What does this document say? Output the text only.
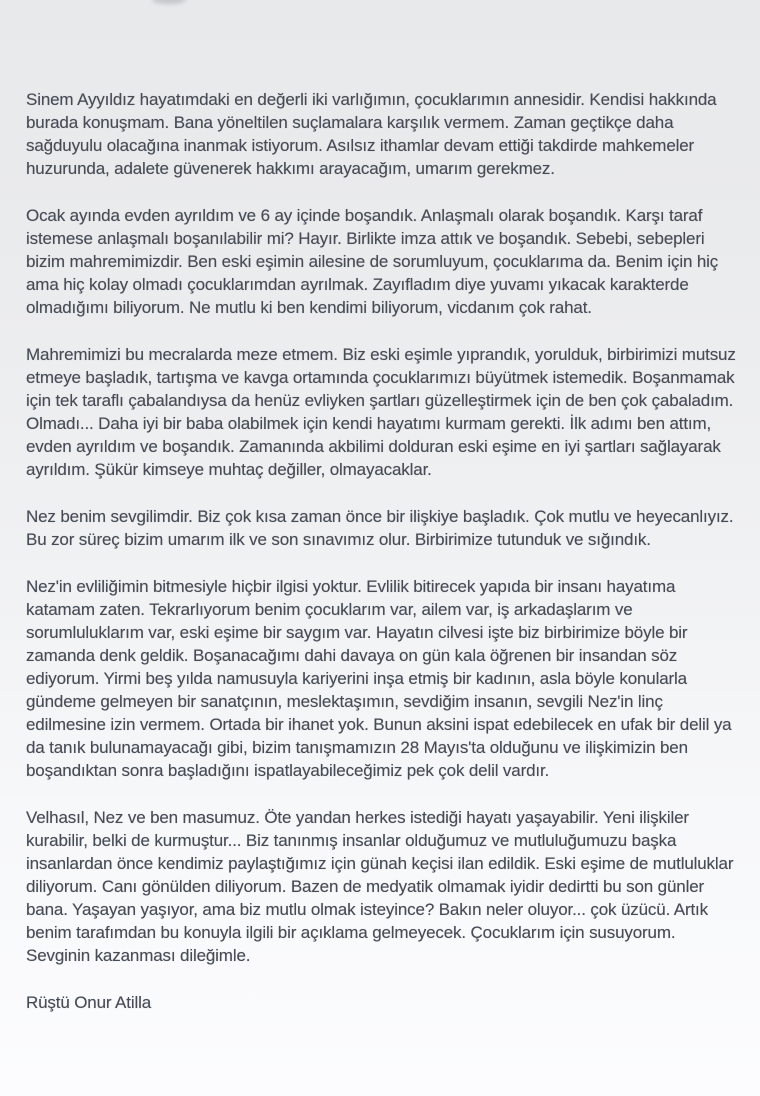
Sinem Ayyıldız hayatımdaki en değerli iki varlığımın, çocuklarımın annesidir. Kendisi hakkında burada konuşmam. Bana yöneltilen suçlamalara karşılık vermem. Zaman geçtikçe daha sağduyulu olacağına inanmak istiyorum. Asılsız ithamlar devam ettiği takdirde mahkemeler huzurunda, adalete güvenerek hakkımı arayacağım, umarım gerekmez.

Ocak ayında evden ayrıldım ve 6 ay içinde boşandık. Anlaşmalı olarak boşandık. Karşı taraf istemese anlaşmalı boşanılabilir mi? Hayır. Birlikte imza attık ve boşandık. Sebebi, sebepleri bizim mahremimizdir. Ben eski eşimin ailesine de sorumluyum, çocuklarıma da. Benim için hiç ama hiç kolay olmadı çocuklarımdan ayrılmak. Zayıfladım diye yuvamı yıkacak karakterde olmadığımı biliyorum. Ne mutlu ki ben kendimi biliyorum, vicdanım çok rahat.

Mahremimizi bu mecralarda meze etmem. Biz eski eşimle yıprandık, yorulduk, birbirimizi mutsuz etmeye başladık, tartışma ve kavga ortamında çocuklarımızı büyütmek istemedik. Boşanmamak için tek taraflı çabalandıysa da henüz evliyken şartları güzelleştirmek için de ben çok çabaladım. Olmadı... Daha iyi bir baba olabilmek için kendi hayatımı kurmam gerekti. İlk adımı ben attım, evden ayrıldım ve boşandık. Zamanında akbilimi dolduran eski eşime en iyi şartları sağlayarak ayrıldım. Şükür kimseye muhtaç değiller, olmayacaklar.

Nez benim sevgilimdir. Biz çok kısa zaman önce bir ilişkiye başladık. Çok mutlu ve heyecanlıyız. Bu zor süreç bizim umarım ilk ve son sınavımız olur. Birbirimize tutunduk ve sığındık.

Nez'in evliliğimin bitmesiyle hiçbir ilgisi yoktur. Evlilik bitirecek yapıda bir insanı hayatıma katamam zaten. Tekrarlıyorum benim çocuklarım var, ailem var, iş arkadaşlarım ve sorumluluklarım var, eski eşime bir saygım var. Hayatın cilvesi işte biz birbirimize böyle bir zamanda denk geldik. Boşanacağımı dahi davaya on gün kala öğrenen bir insandan söz ediyorum. Yirmi beş yılda namusuyla kariyerini inşa etmiş bir kadının, asla böyle konularla gündeme gelmeyen bir sanatçının, meslektaşımın, sevdiğim insanın, sevgili Nez'in linç edilmesine izin vermem. Ortada bir ihanet yok. Bunun aksini ispat edebilecek en ufak bir delil ya da tanık bulunamayacağı gibi, bizim tanışmamızın 28 Mayıs'ta olduğunu ve ilişkimizin ben boşandıktan sonra başladığını ispatlayabileceğimiz pek çok delil vardır.

Velhasıl, Nez ve ben masumuz. Öte yandan herkes istediği hayatı yaşayabilir. Yeni ilişkiler kurabilir, belki de kurmuştur... Biz tanınmış insanlar olduğumuz ve mutluluğumuzu başka insanlardan önce kendimiz paylaştığımız için günah keçisi ilan edildik. Eski eşime de mutluluklar diliyorum. Canı gönülden diliyorum. Bazen de medyatik olmamak iyidir dedirtti bu son günler bana. Yaşayan yaşıyor, ama biz mutlu olmak isteyince? Bakın neler oluyor... çok üzücü. Artık benim tarafımdan bu konuyla ilgili bir açıklama gelmeyecek. Çocuklarım için susuyorum. Sevginin kazanması dileğimle.

Rüştü Onur Atilla
